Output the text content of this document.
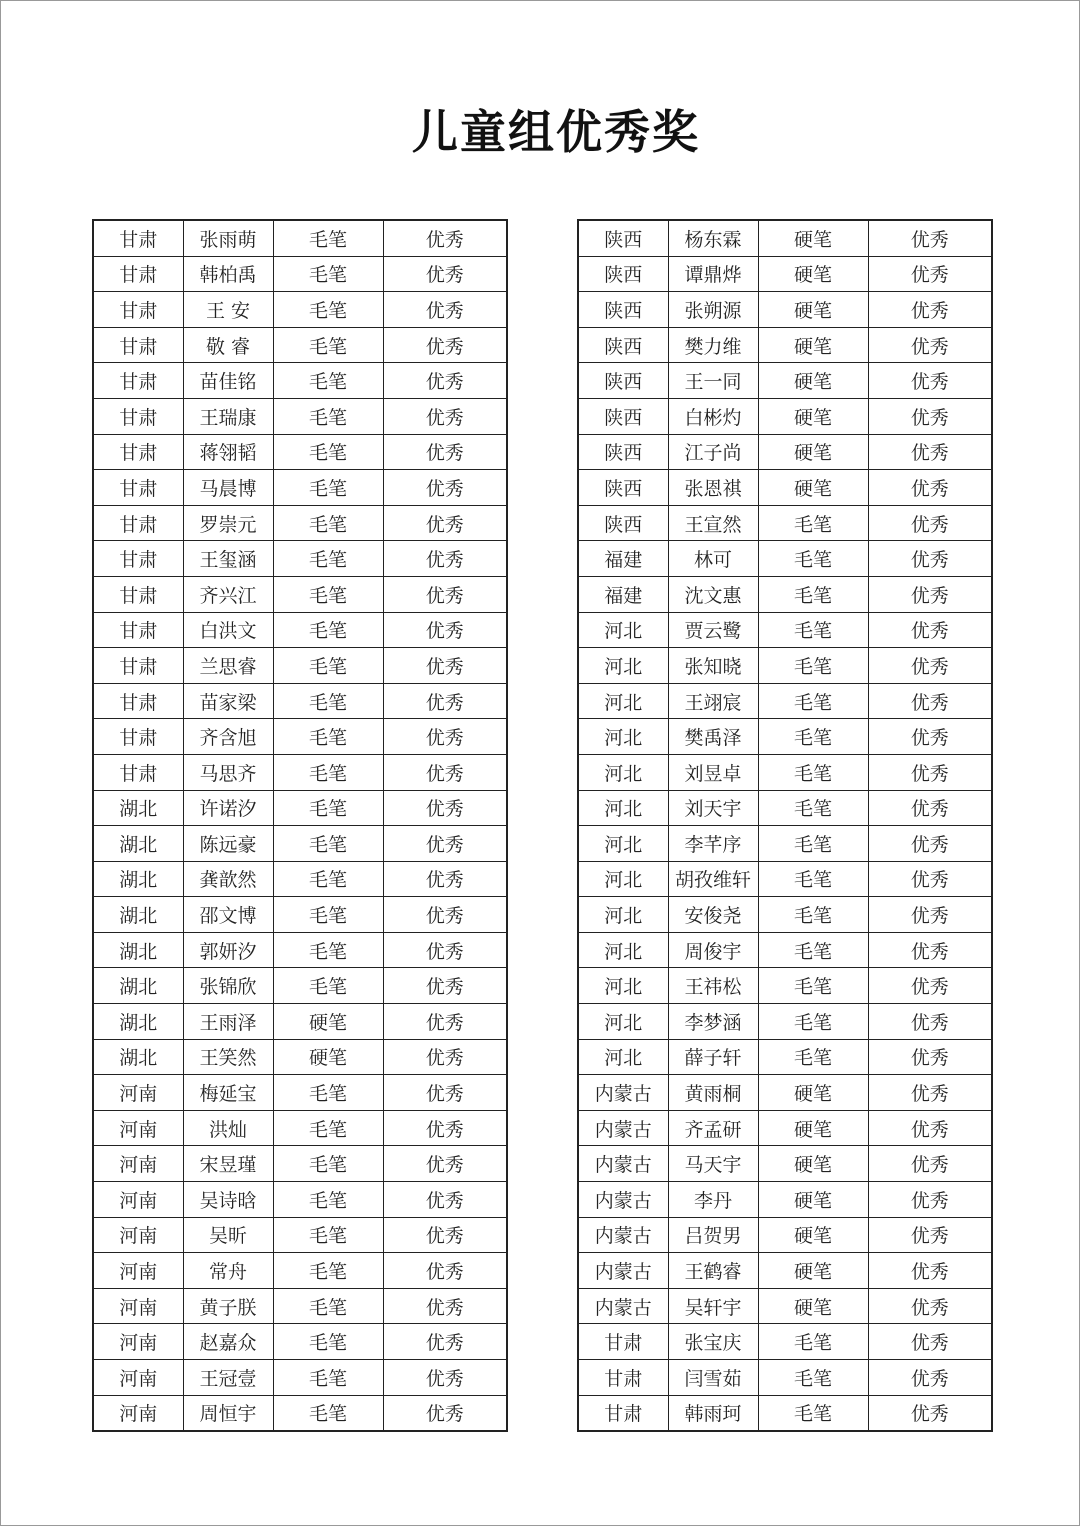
儿童组优秀奖
甘肃	张雨萌	毛笔	优秀
甘肃	韩柏禹	毛笔	优秀
甘肃	王 安	毛笔	优秀
甘肃	敬 睿	毛笔	优秀
甘肃	苗佳铭	毛笔	优秀
甘肃	王瑞康	毛笔	优秀
甘肃	蒋翎韬	毛笔	优秀
甘肃	马晨博	毛笔	优秀
甘肃	罗崇元	毛笔	优秀
甘肃	王玺涵	毛笔	优秀
甘肃	齐兴江	毛笔	优秀
甘肃	白洪文	毛笔	优秀
甘肃	兰思睿	毛笔	优秀
甘肃	苗家梁	毛笔	优秀
甘肃	齐含旭	毛笔	优秀
甘肃	马思齐	毛笔	优秀
湖北	许诺汐	毛笔	优秀
湖北	陈远豪	毛笔	优秀
湖北	龚歆然	毛笔	优秀
湖北	邵文博	毛笔	优秀
湖北	郭妍汐	毛笔	优秀
湖北	张锦欣	毛笔	优秀
湖北	王雨泽	硬笔	优秀
湖北	王笑然	硬笔	优秀
河南	梅延宝	毛笔	优秀
河南	洪灿	毛笔	优秀
河南	宋昱瑾	毛笔	优秀
河南	吴诗晗	毛笔	优秀
河南	吴昕	毛笔	优秀
河南	常舟	毛笔	优秀
河南	黄子朕	毛笔	优秀
河南	赵嘉众	毛笔	优秀
河南	王冠壹	毛笔	优秀
河南	周恒宇	毛笔	优秀
陕西	杨东霖	硬笔	优秀
陕西	谭鼎烨	硬笔	优秀
陕西	张朔源	硬笔	优秀
陕西	樊力维	硬笔	优秀
陕西	王一同	硬笔	优秀
陕西	白彬灼	硬笔	优秀
陕西	江子尚	硬笔	优秀
陕西	张恩祺	硬笔	优秀
陕西	王宣然	毛笔	优秀
福建	林可	毛笔	优秀
福建	沈文惠	毛笔	优秀
河北	贾云鹭	毛笔	优秀
河北	张知晓	毛笔	优秀
河北	王翊宸	毛笔	优秀
河北	樊禹泽	毛笔	优秀
河北	刘昱卓	毛笔	优秀
河北	刘天宇	毛笔	优秀
河北	李芊序	毛笔	优秀
河北	胡孜维轩	毛笔	优秀
河北	安俊尧	毛笔	优秀
河北	周俊宇	毛笔	优秀
河北	王祎松	毛笔	优秀
河北	李梦涵	毛笔	优秀
河北	薛子轩	毛笔	优秀
内蒙古	黄雨桐	硬笔	优秀
内蒙古	齐孟研	硬笔	优秀
内蒙古	马天宇	硬笔	优秀
内蒙古	李丹	硬笔	优秀
内蒙古	吕贺男	硬笔	优秀
内蒙古	王鹤睿	硬笔	优秀
内蒙古	吴轩宇	硬笔	优秀
甘肃	张宝庆	毛笔	优秀
甘肃	闫雪茹	毛笔	优秀
甘肃	韩雨珂	毛笔	优秀
